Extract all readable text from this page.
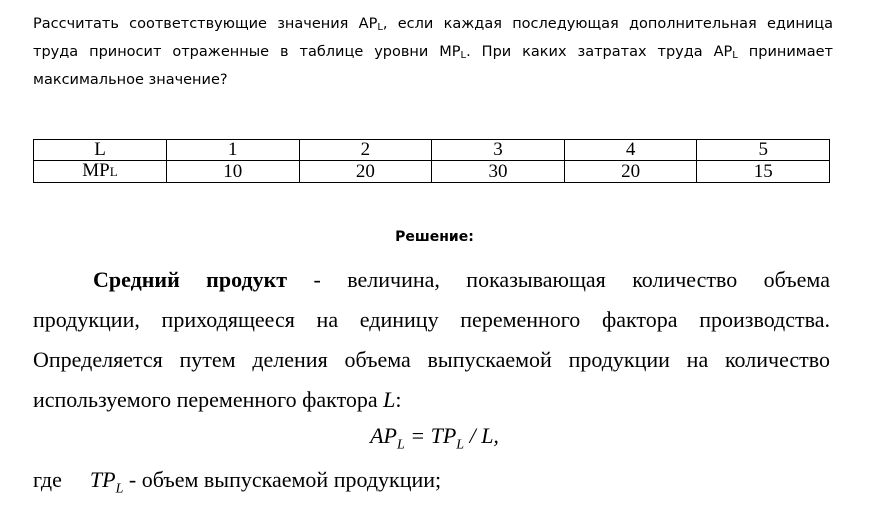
Рассчитать соответствующие значения $AP_L$, если каждая последующая дополнительная единица труда приносит отраженные в таблице уровни $MP_L$. При каких затратах труда $AP_L$ принимает максимальное значение?
L	1	2	3	4	5
MPL	10	20	30	20	15
Решение:
Средний продукт - величина, показывающая количество объема
продукции, приходящееся на единицу переменного фактора производства.
Определяется путем деления объема выпускаемой продукции на количество
используемого переменного фактора L:
$AP_L = TP_L / L$,
где $TP_L$ - объем выпускаемой продукции;
